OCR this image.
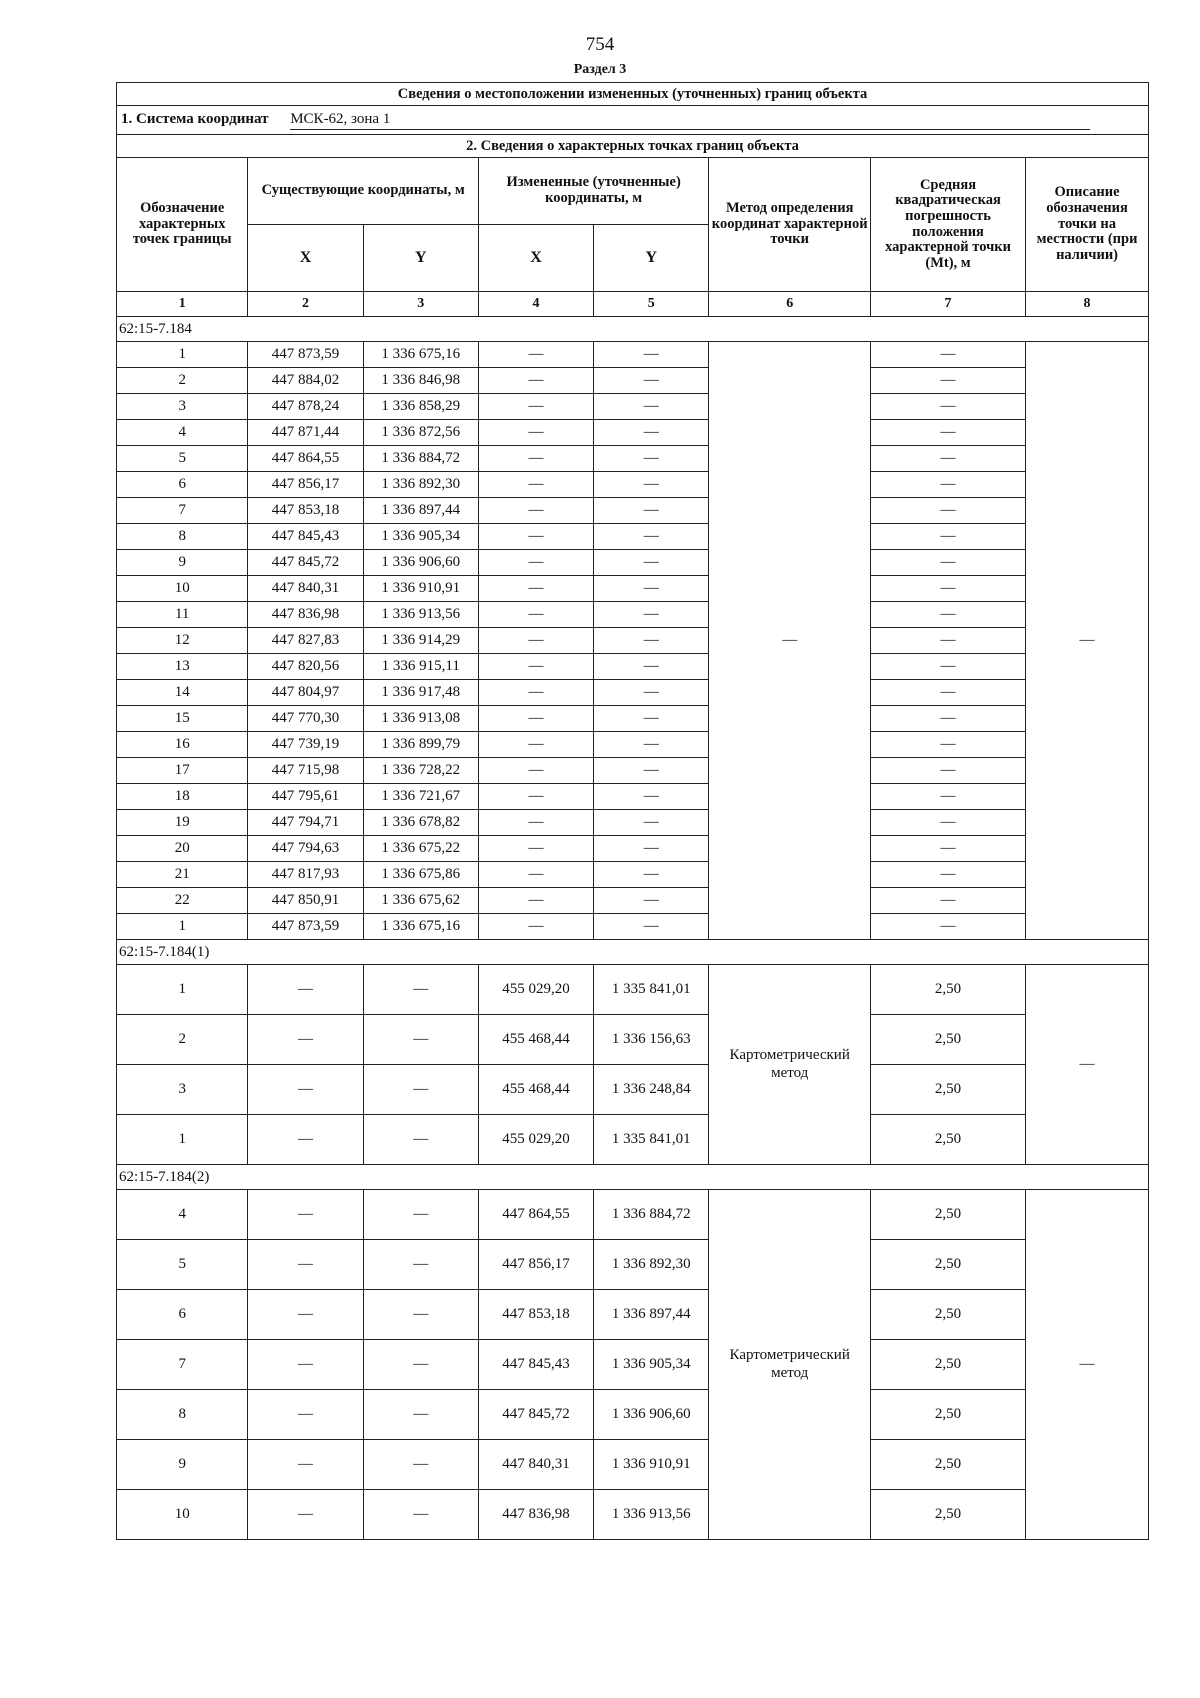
754
Раздел 3
Сведения о местоположении измененных (уточненных) границ объекта							
1. Система координат МСК-62, зона 1							
2. Сведения о характерных точках границ объекта							
Обозначение характерных точек границы	Существующие координаты, м		Измененные (уточненные) координаты, м		Метод определения координат характерной точки	Средняя квадратическая погрешность положения характерной точки (Mt), м	Описание обозначения точки на местности (при наличии)
	X	Y	X	Y			
1	2	3	4	5	6	7	8
62:15-7.184							
1	447 873,59	1 336 675,16	—	—	—	—	—
2	447 884,02	1 336 846,98	—	—		—	
3	447 878,24	1 336 858,29	—	—		—	
4	447 871,44	1 336 872,56	—	—		—	
5	447 864,55	1 336 884,72	—	—		—	
6	447 856,17	1 336 892,30	—	—		—	
7	447 853,18	1 336 897,44	—	—		—	
8	447 845,43	1 336 905,34	—	—		—	
9	447 845,72	1 336 906,60	—	—		—	
10	447 840,31	1 336 910,91	—	—		—	
11	447 836,98	1 336 913,56	—	—		—	
12	447 827,83	1 336 914,29	—	—		—	
13	447 820,56	1 336 915,11	—	—		—	
14	447 804,97	1 336 917,48	—	—		—	
15	447 770,30	1 336 913,08	—	—		—	
16	447 739,19	1 336 899,79	—	—		—	
17	447 715,98	1 336 728,22	—	—		—	
18	447 795,61	1 336 721,67	—	—		—	
19	447 794,71	1 336 678,82	—	—		—	
20	447 794,63	1 336 675,22	—	—		—	
21	447 817,93	1 336 675,86	—	—		—	
22	447 850,91	1 336 675,62	—	—		—	
1	447 873,59	1 336 675,16	—	—		—	
62:15-7.184(1)							
1	—	—	455 029,20	1 335 841,01	Картометрический метод	2,50	—
2	—	—	455 468,44	1 336 156,63		2,50	
3	—	—	455 468,44	1 336 248,84		2,50	
1	—	—	455 029,20	1 335 841,01		2,50	
62:15-7.184(2)							
4	—	—	447 864,55	1 336 884,72	Картометрический метод	2,50	—
5	—	—	447 856,17	1 336 892,30		2,50	
6	—	—	447 853,18	1 336 897,44		2,50	
7	—	—	447 845,43	1 336 905,34		2,50	
8	—	—	447 845,72	1 336 906,60		2,50	
9	—	—	447 840,31	1 336 910,91		2,50	
10	—	—	447 836,98	1 336 913,56		2,50	
